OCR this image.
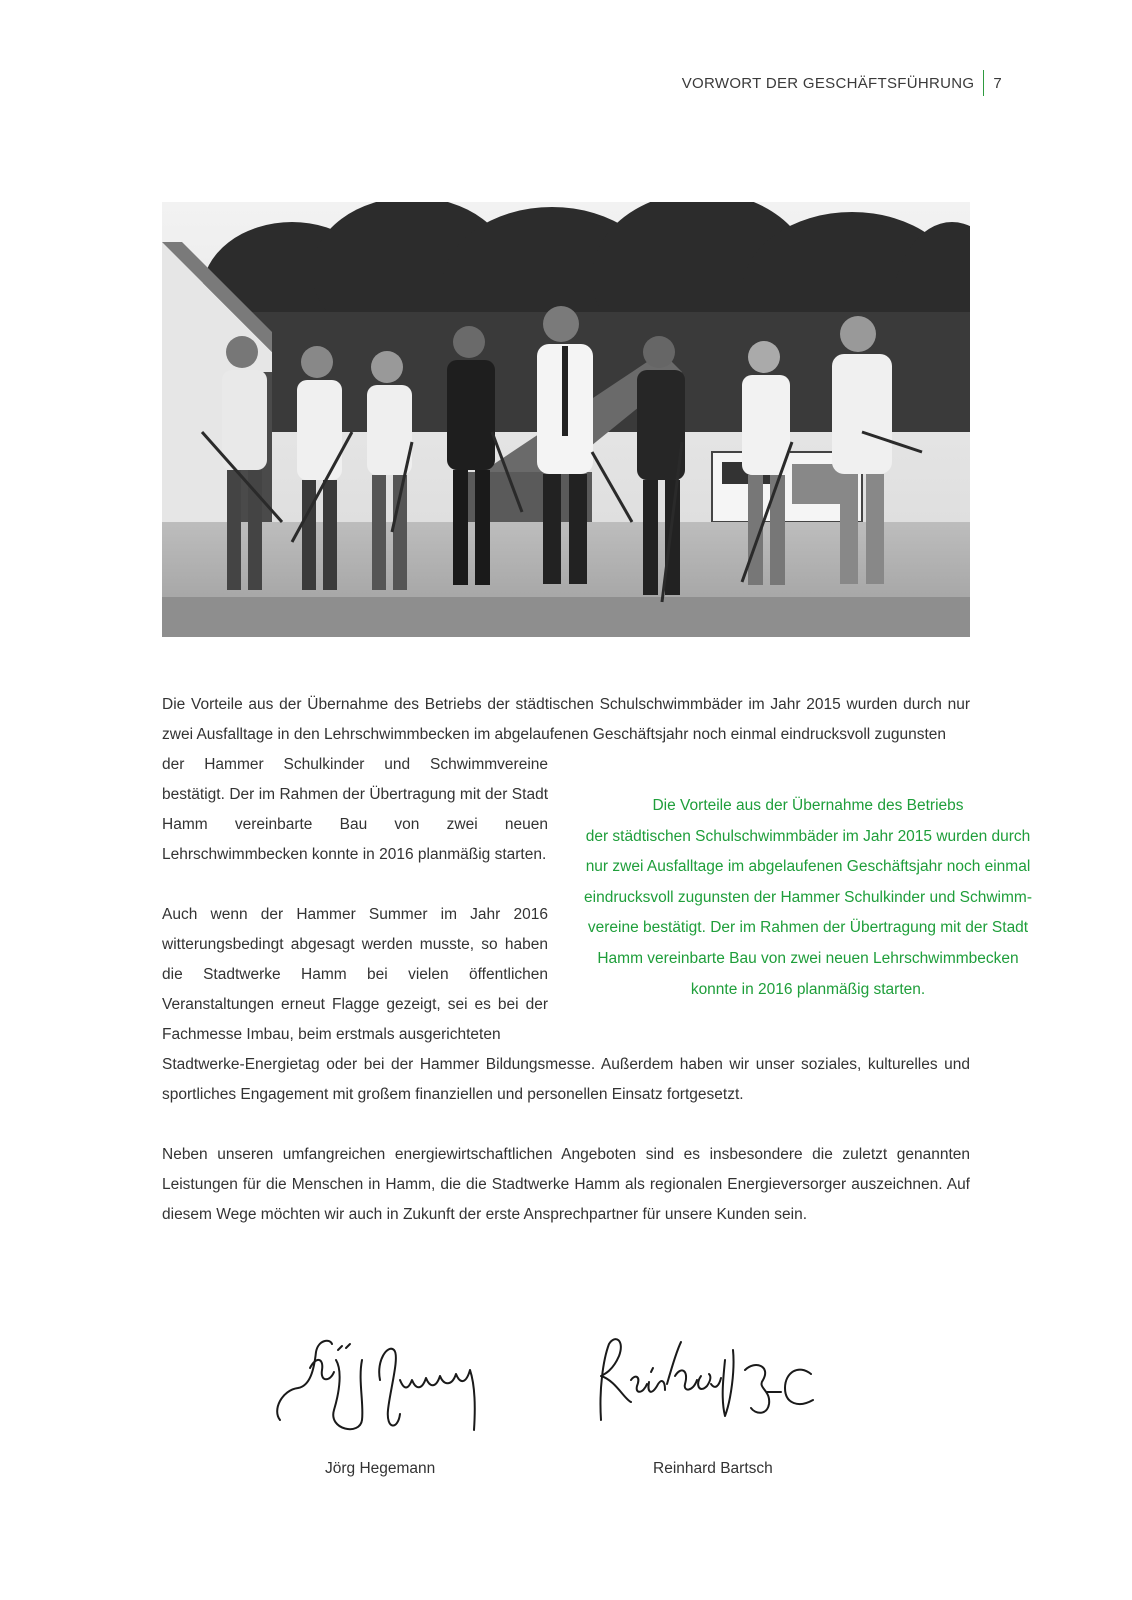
VORWORT DER GESCHÄFTSFÜHRUNG 7
Die Vorteile aus der Übernahme des Betriebs der städtischen Schulschwimmbäder im Jahr 2015 wurden durch nur zwei Ausfalltage in den Lehrschwimmbecken im abgelaufenen Geschäftsjahr noch einmal eindrucksvoll zugunsten
der Hammer Schulkinder und Schwimmvereine bestätigt. Der im Rahmen der Übertragung mit der Stadt Hamm vereinbarte Bau von zwei neuen Lehrschwimmbecken konnte in 2016 planmäßig starten.
Auch wenn der Hammer Summer im Jahr 2016 witterungsbedingt abgesagt werden musste, so haben die Stadtwerke Hamm bei vielen öffentlichen Veranstaltungen erneut Flagge gezeigt, sei es bei der Fachmesse Imbau, beim erstmals ausgerichteten
Stadtwerke-Energietag oder bei der Hammer Bildungsmesse. Außerdem haben wir unser soziales, kulturelles und sportliches Engagement mit großem finanziellen und personellen Einsatz fortgesetzt.
Neben unseren umfangreichen energiewirtschaftlichen Angeboten sind es insbesondere die zuletzt genannten Leistungen für die Menschen in Hamm, die die Stadtwerke Hamm als regionalen Energieversorger auszeichnen. Auf diesem Wege möchten wir auch in Zukunft der erste Ansprechpartner für unsere Kunden sein.
Die Vorteile aus der Übernahme des Betriebs
der städtischen Schulschwimmbäder im Jahr 2015 wurden durch
nur zwei Ausfalltage im abgelaufenen Geschäftsjahr noch einmal
eindrucksvoll zugunsten der Hammer Schulkinder und Schwimm-
vereine bestätigt. Der im Rahmen der Übertragung mit der Stadt
Hamm vereinbarte Bau von zwei neuen Lehrschwimmbecken
konnte in 2016 planmäßig starten.
Jörg Hegemann	Reinhard Bartsch
